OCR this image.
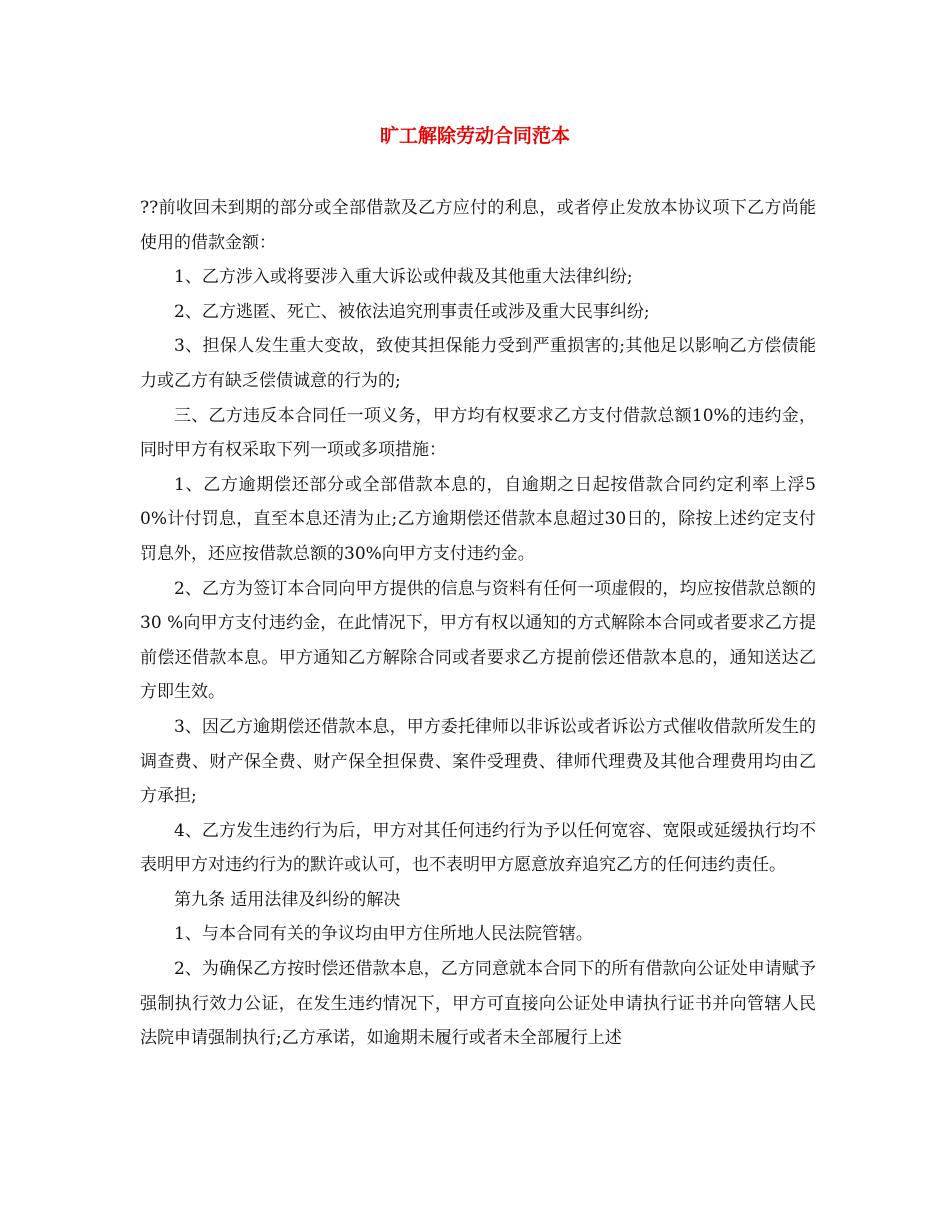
旷工解除劳动合同范本

??前收回未到期的部分或全部借款及乙方应付的利息，或者停止发放本协议项下乙方尚能使用的借款金额：

1、乙方涉入或将要涉入重大诉讼或仲裁及其他重大法律纠纷;

2、乙方逃匿、死亡、被依法追究刑事责任或涉及重大民事纠纷;

3、担保人发生重大变故，致使其担保能力受到严重损害的;其他足以影响乙方偿债能力或乙方有缺乏偿债诚意的行为的;

三、乙方违反本合同任一项义务，甲方均有权要求乙方支付借款总额10%的违约金，同时甲方有权采取下列一项或多项措施：

1、乙方逾期偿还部分或全部借款本息的，自逾期之日起按借款合同约定利率上浮50%计付罚息，直至本息还清为止;乙方逾期偿还借款本息超过30日的，除按上述约定支付罚息外，还应按借款总额的30%向甲方支付违约金。

2、乙方为签订本合同向甲方提供的信息与资料有任何一项虚假的，均应按借款总额的 30 %向甲方支付违约金，在此情况下，甲方有权以通知的方式解除本合同或者要求乙方提前偿还借款本息。甲方通知乙方解除合同或者要求乙方提前偿还借款本息的，通知送达乙方即生效。

3、因乙方逾期偿还借款本息，甲方委托律师以非诉讼或者诉讼方式催收借款所发生的调查费、财产保全费、财产保全担保费、案件受理费、律师代理费及其他合理费用均由乙方承担;

4、乙方发生违约行为后，甲方对其任何违约行为予以任何宽容、宽限或延缓执行均不表明甲方对违约行为的默许或认可，也不表明甲方愿意放弃追究乙方的任何违约责任。

第九条 适用法律及纠纷的解决

1、与本合同有关的争议均由甲方住所地人民法院管辖。

2、为确保乙方按时偿还借款本息，乙方同意就本合同下的所有借款向公证处申请赋予强制执行效力公证，在发生违约情况下，甲方可直接向公证处申请执行证书并向管辖人民法院申请强制执行;乙方承诺，如逾期未履行或者未全部履行上述
